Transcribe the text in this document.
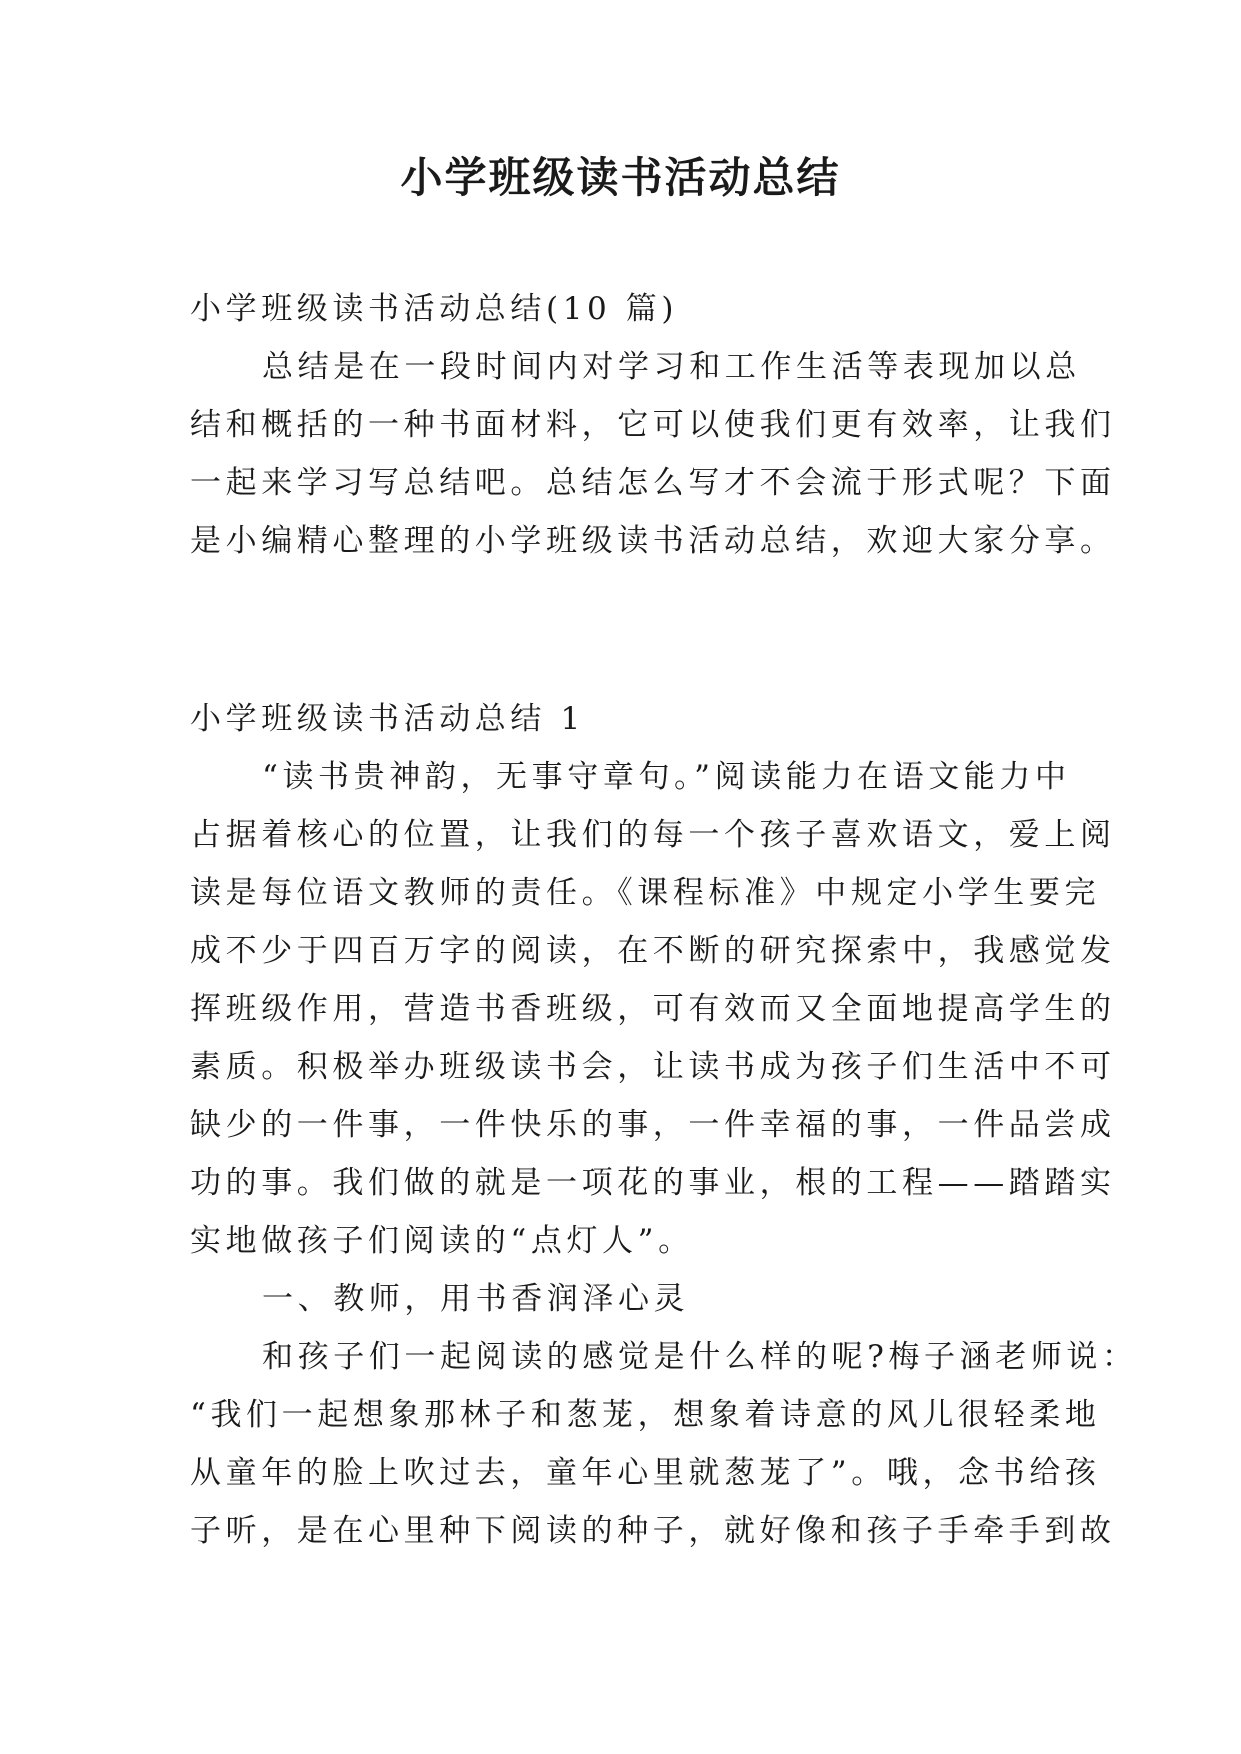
小学班级读书活动总结
小学班级读书活动总结(10 篇)
总结是在一段时间内对学习和工作生活等表现加以总
结和概括的一种书面材料，它可以使我们更有效率，让我们
一起来学习写总结吧。总结怎么写才不会流于形式呢？下面
是小编精心整理的小学班级读书活动总结，欢迎大家分享。
小学班级读书活动总结 1
“读书贵神韵，无事守章句。”阅读能力在语文能力中
占据着核心的位置，让我们的每一个孩子喜欢语文，爱上阅
读是每位语文教师的责任。《课程标准》中规定小学生要完
成不少于四百万字的阅读，在不断的研究探索中，我感觉发
挥班级作用，营造书香班级，可有效而又全面地提高学生的
素质。积极举办班级读书会，让读书成为孩子们生活中不可
缺少的一件事，一件快乐的事，一件幸福的事，一件品尝成
功的事。我们做的就是一项花的事业，根的工程——踏踏实
实地做孩子们阅读的“点灯人”。
一、教师，用书香润泽心灵
和孩子们一起阅读的感觉是什么样的呢?梅子涵老师说：
“我们一起想象那林子和葱茏，想象着诗意的风儿很轻柔地
从童年的脸上吹过去，童年心里就葱茏了”。哦，念书给孩
子听，是在心里种下阅读的种子，就好像和孩子手牵手到故
